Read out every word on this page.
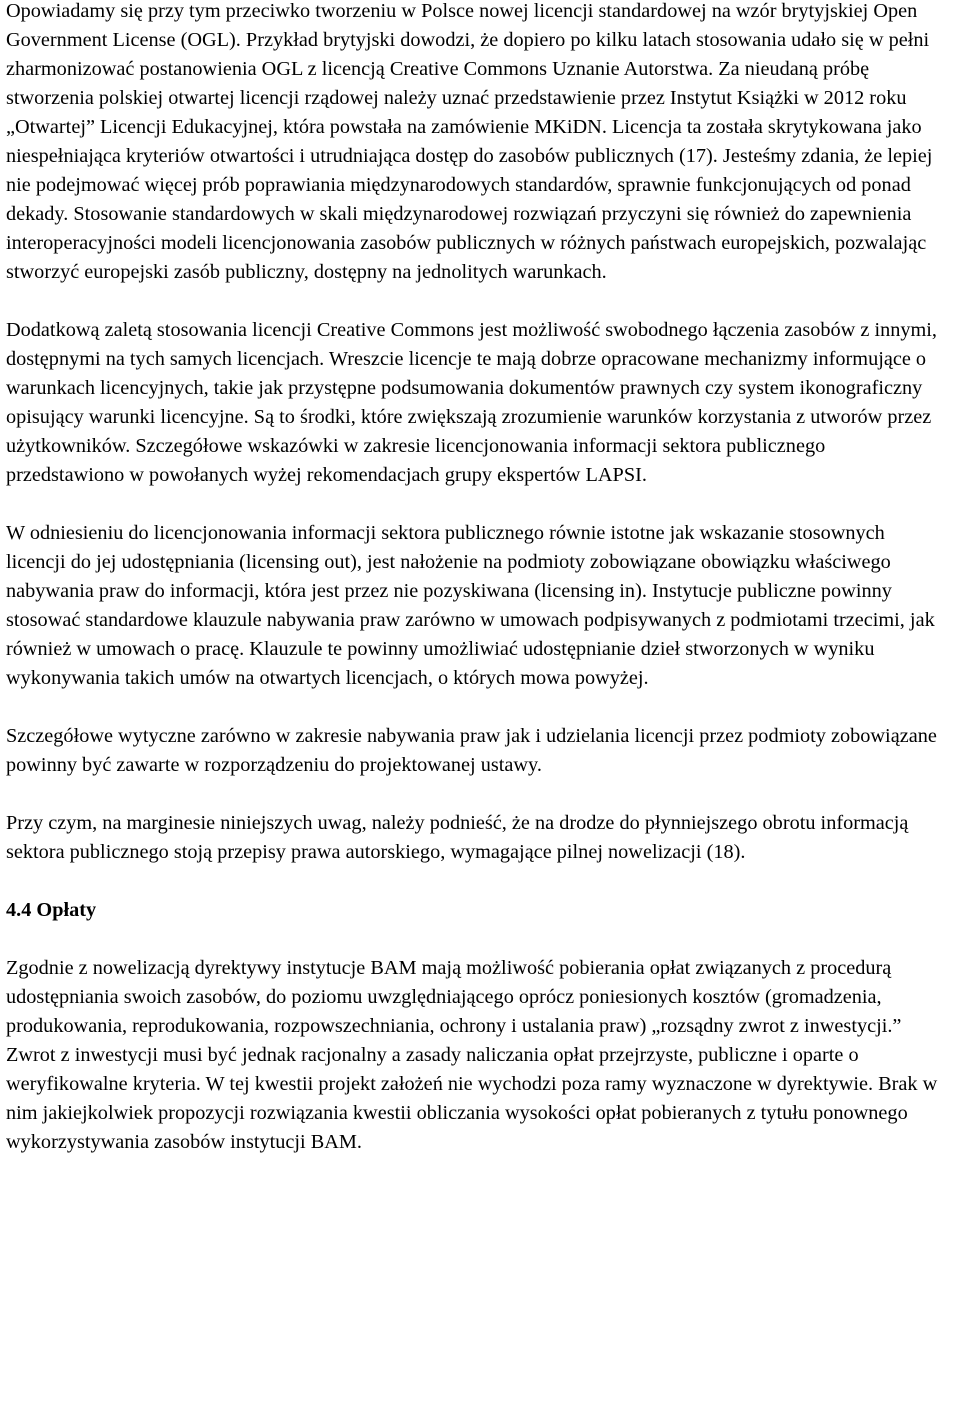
Opowiadamy się przy tym przeciwko tworzeniu w Polsce nowej licencji standardowej na wzór brytyjskiej Open Government License (OGL). Przykład brytyjski dowodzi, że dopiero po kilku latach stosowania udało się w pełni zharmonizować postanowienia OGL z licencją Creative Commons Uznanie Autorstwa. Za nieudaną próbę stworzenia polskiej otwartej licencji rządowej należy uznać przedstawienie przez Instytut Książki w 2012 roku „Otwartej” Licencji Edukacyjnej, która powstała na zamówienie MKiDN. Licencja ta została skrytykowana jako niespełniająca kryteriów otwartości i utrudniająca dostęp do zasobów publicznych (17). Jesteśmy zdania, że lepiej nie podejmować więcej prób poprawiania międzynarodowych standardów, sprawnie funkcjonujących od ponad dekady. Stosowanie standardowych w skali międzynarodowej rozwiązań przyczyni się również do zapewnienia interoperacyjności modeli licencjonowania zasobów publicznych w różnych państwach europejskich, pozwalając stworzyć europejski zasób publiczny, dostępny na jednolitych warunkach.

Dodatkową zaletą stosowania licencji Creative Commons jest możliwość swobodnego łączenia zasobów z innymi, dostępnymi na tych samych licencjach. Wreszcie licencje te mają dobrze opracowane mechanizmy informujące o warunkach licencyjnych, takie jak przystępne podsumowania dokumentów prawnych czy system ikonograficzny opisujący warunki licencyjne. Są to środki, które zwiększają zrozumienie warunków korzystania z utworów przez użytkowników. Szczegółowe wskazówki w zakresie licencjonowania informacji sektora publicznego przedstawiono w powołanych wyżej rekomendacjach grupy ekspertów LAPSI.

W odniesieniu do licencjonowania informacji sektora publicznego równie istotne jak wskazanie stosownych licencji do jej udostępniania (licensing out), jest nałożenie na podmioty zobowiązane obowiązku właściwego nabywania praw do informacji, która jest przez nie pozyskiwana (licensing in). Instytucje publiczne powinny stosować standardowe klauzule nabywania praw zarówno w umowach podpisywanych z podmiotami trzecimi, jak również w umowach o pracę. Klauzule te powinny umożliwiać udostępnianie dzieł stworzonych w wyniku wykonywania takich umów na otwartych licencjach, o których mowa powyżej.

Szczegółowe wytyczne zarówno w zakresie nabywania praw jak i udzielania licencji przez podmioty zobowiązane powinny być zawarte w rozporządzeniu do projektowanej ustawy.

Przy czym, na marginesie niniejszych uwag, należy podnieść, że na drodze do płynniejszego obrotu informacją sektora publicznego stoją przepisy prawa autorskiego, wymagające pilnej nowelizacji (18).

4.4 Opłaty

Zgodnie z nowelizacją dyrektywy instytucje BAM mają możliwość pobierania opłat związanych z procedurą udostępniania swoich zasobów, do poziomu uwzględniającego oprócz poniesionych kosztów (gromadzenia, produkowania, reprodukowania, rozpowszechniania, ochrony i ustalania praw) „rozsądny zwrot z inwestycji.” Zwrot z inwestycji musi być jednak racjonalny a zasady naliczania opłat przejrzyste, publiczne i oparte o weryfikowalne kryteria. W tej kwestii projekt założeń nie wychodzi poza ramy wyznaczone w dyrektywie. Brak w nim jakiejkolwiek propozycji rozwiązania kwestii obliczania wysokości opłat pobieranych z tytułu ponownego wykorzystywania zasobów instytucji BAM.
